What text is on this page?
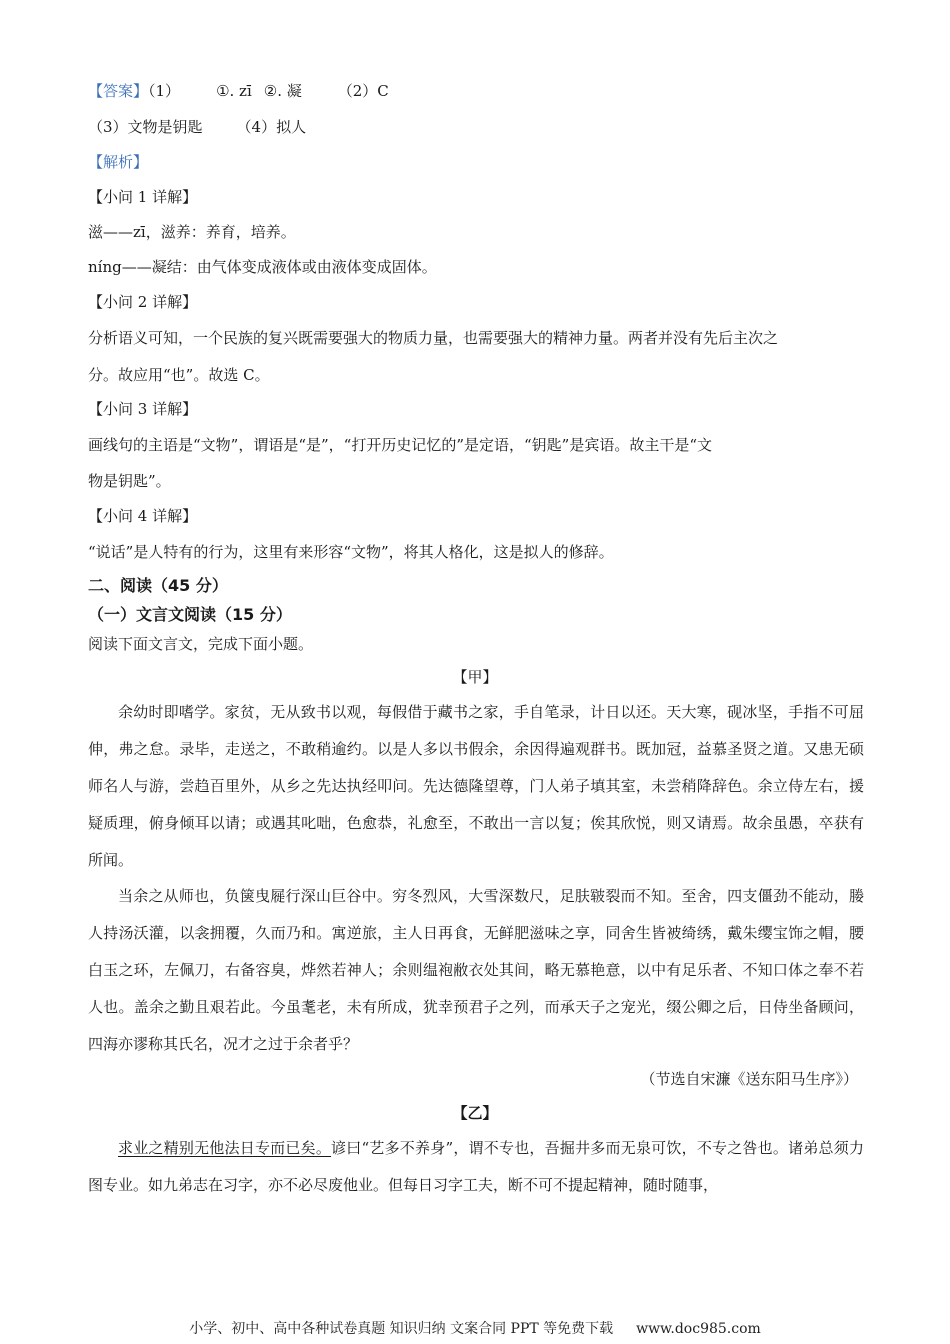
【答案】（1） ①. zī ②. 凝 （2）C
（3）文物是钥匙 （4）拟人
【解析】
【小问 1 详解】
滋——zī，滋养：养育，培养。
níng——凝结：由气体变成液体或由液体变成固体。
【小问 2 详解】
分析语义可知，一个民族的复兴既需要强大的物质力量，也需要强大的精神力量。两者并没有先后主次之
分。故应用“也”。故选 C。
【小问 3 详解】
画线句的主语是“文物”，谓语是“是”，“打开历史记忆的”是定语，“钥匙”是宾语。故主干是“文
物是钥匙”。
【小问 4 详解】
“说话”是人特有的行为，这里有来形容“文物”，将其人格化，这是拟人的修辞。
二、阅读（45 分）
（一）文言文阅读（15 分）
阅读下面文言文，完成下面小题。
【甲】
余幼时即嗜学。家贫，无从致书以观，每假借于藏书之家，手自笔录，计日以还。天大寒，砚冰坚，手指不可屈伸，弗之怠。录毕，走送之，不敢稍逾约。以是人多以书假余，余因得遍观群书。既加冠，益慕圣贤之道。又患无硕师名人与游，尝趋百里外，从乡之先达执经叩问。先达德隆望尊，门人弟子填其室，未尝稍降辞色。余立侍左右，援疑质理，俯身倾耳以请；或遇其叱咄，色愈恭，礼愈至，不敢出一言以复；俟其欣悦，则又请焉。故余虽愚，卒获有所闻。
当余之从师也，负箧曳屣行深山巨谷中。穷冬烈风，大雪深数尺，足肤皲裂而不知。至舍，四支僵劲不能动，媵人持汤沃灌，以衾拥覆，久而乃和。寓逆旅，主人日再食，无鲜肥滋味之享，同舍生皆被绮绣，戴朱缨宝饰之帽，腰白玉之环，左佩刀，右备容臭，烨然若神人；余则缊袍敝衣处其间，略无慕艳意，以中有足乐者、不知口体之奉不若人也。盖余之勤且艰若此。今虽耄老，未有所成，犹幸预君子之列，而承天子之宠光，缀公卿之后，日侍坐备顾问，四海亦谬称其氏名，况才之过于余者乎？
（节选自宋濂《送东阳马生序》）
【乙】
求业之精别无他法日专而已矣。谚曰“艺多不养身”，谓不专也，吾掘井多而无泉可饮，不专之咎也。诸弟总须力图专业。如九弟志在习字，亦不必尽废他业。但每日习字工夫，断不可不提起精神，随时随事，
小学、初中、高中各种试卷真题 知识归纳 文案合同 PPT 等免费下载 www.doc985.com
